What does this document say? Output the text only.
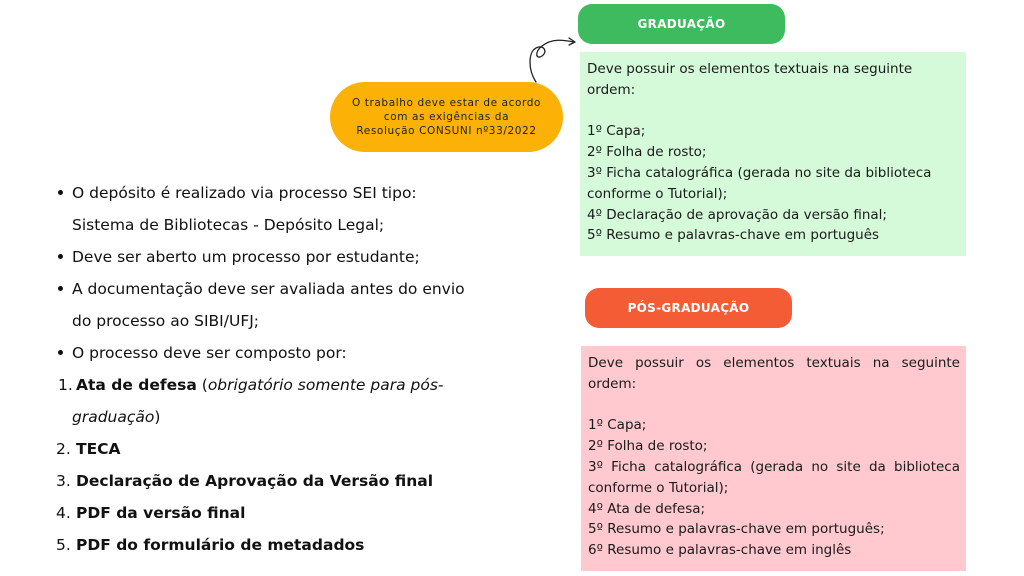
O depósito é realizado via processo SEI tipo:
Sistema de Bibliotecas - Depósito Legal;
Deve ser aberto um processo por estudante;
A documentação deve ser avaliada antes do envio
do processo ao SIBI/UFJ;
O processo deve ser composto por:
1. Ata de defesa (obrigatório somente para pós-
graduação)
2. TECA
3. Declaração de Aprovação da Versão final
4. PDF da versão final
5. PDF do formulário de metadados
O trabalho deve estar de acordo
com as exigências da
Resolução CONSUNI nº33/2022
GRADUAÇÃO
Deve possuir os elementos textuais na seguinte
ordem:
1º Capa;
2º Folha de rosto;
3º Ficha catalográfica (gerada no site da biblioteca
conforme o Tutorial);
4º Declaração de aprovação da versão final;
5º Resumo e palavras-chave em português
PÓS-GRADUAÇÃO
Deve possuir os elementos textuais na seguinte
ordem:
1º Capa;
2º Folha de rosto;
3º Ficha catalográfica (gerada no site da biblioteca
conforme o Tutorial);
4º Ata de defesa;
5º Resumo e palavras-chave em português;
6º Resumo e palavras-chave em inglês
